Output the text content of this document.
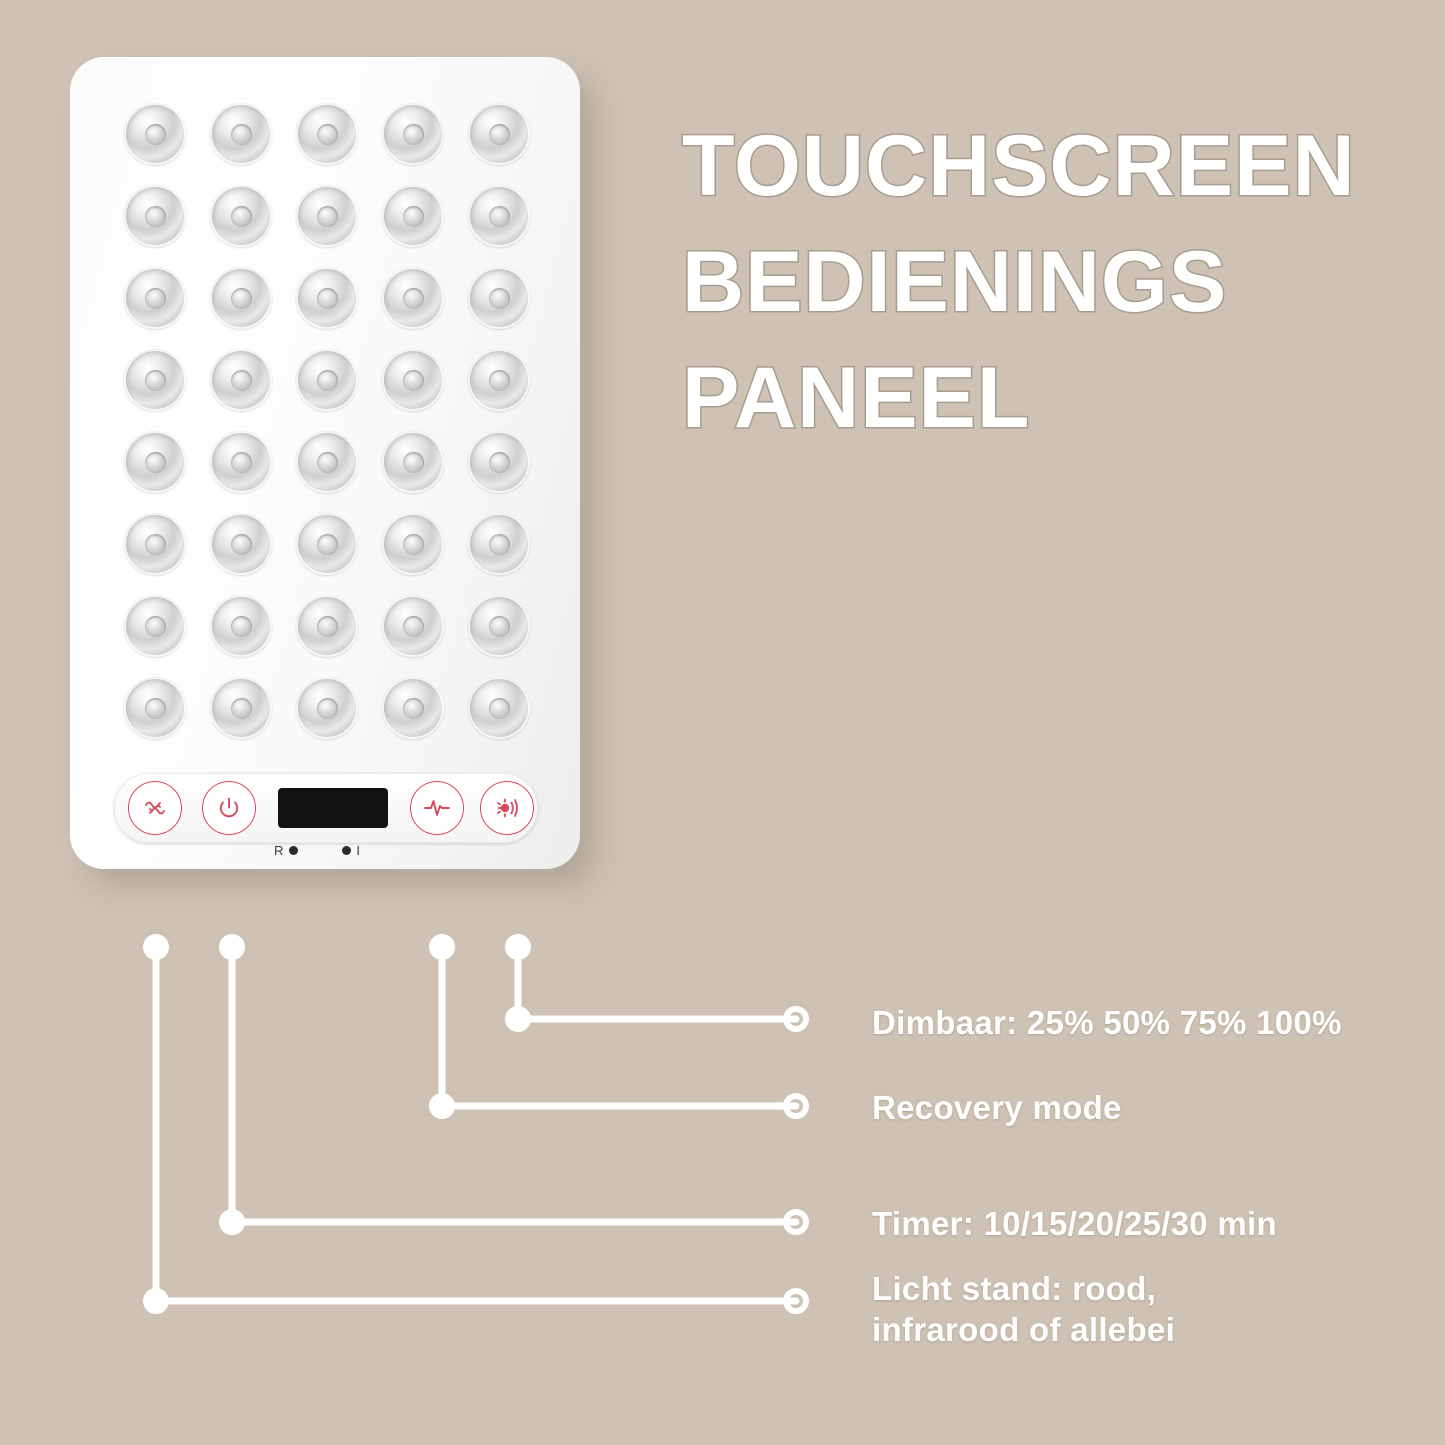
R	I
TOUCHSCREEN
BEDIENINGS
PANEEL
Dimbaar: 25% 50% 75% 100%
Recovery mode
Timer: 10/15/20/25/30 min
Licht stand: rood,
infrarood of allebei
